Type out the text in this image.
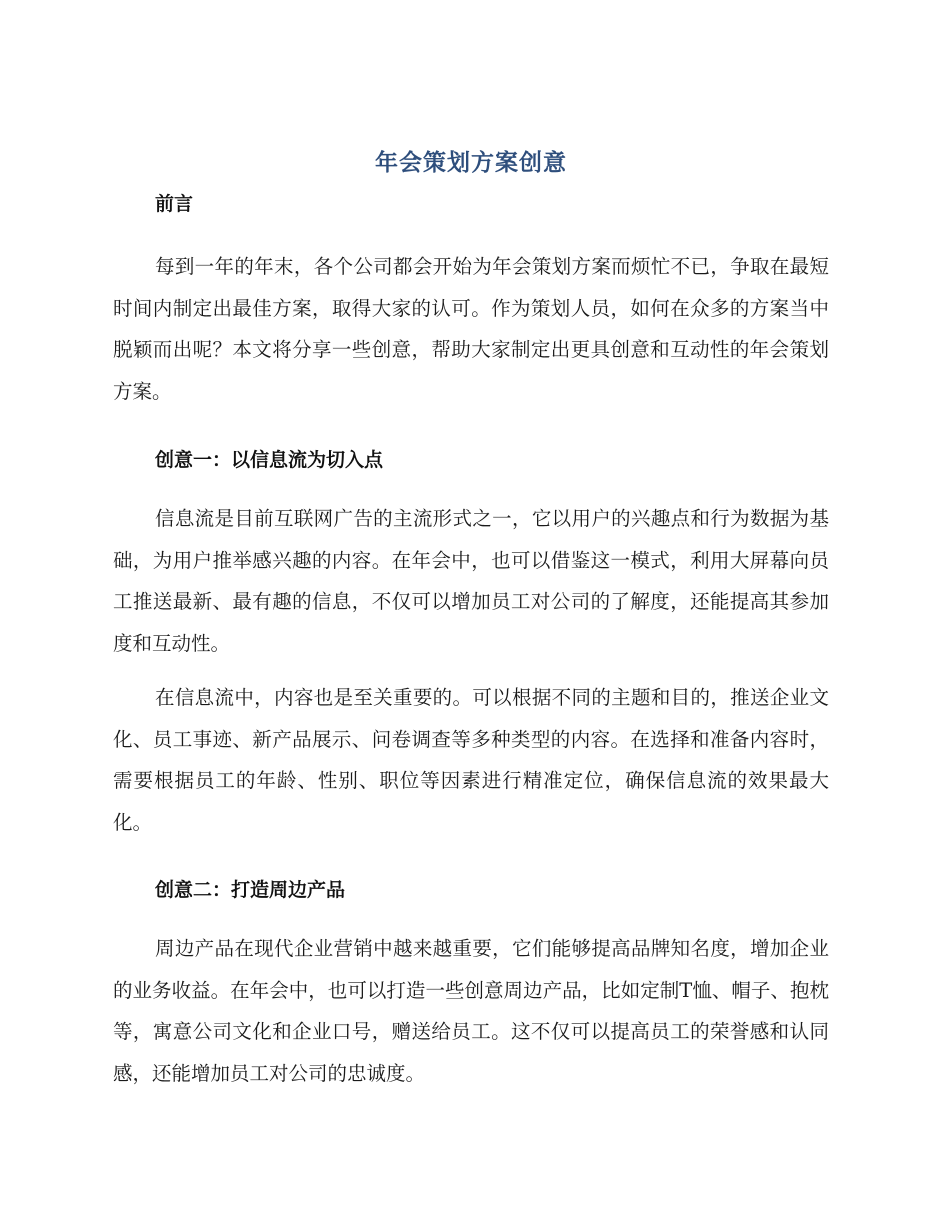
年会策划方案创意
前言

每到一年的年末，各个公司都会开始为年会策划方案而烦忙不已，争取在最短时间内制定出最佳方案，取得大家的认可。作为策划人员，如何在众多的方案当中脱颖而出呢？本文将分享一些创意，帮助大家制定出更具创意和互动性的年会策划方案。

创意一：以信息流为切入点

信息流是目前互联网广告的主流形式之一，它以用户的兴趣点和行为数据为基础，为用户推举感兴趣的内容。在年会中，也可以借鉴这一模式，利用大屏幕向员工推送最新、最有趣的信息，不仅可以增加员工对公司的了解度，还能提高其参加度和互动性。

在信息流中，内容也是至关重要的。可以根据不同的主题和目的，推送企业文化、员工事迹、新产品展示、问卷调查等多种类型的内容。在选择和准备内容时，需要根据员工的年龄、性别、职位等因素进行精准定位，确保信息流的效果最大化。

创意二：打造周边产品

周边产品在现代企业营销中越来越重要，它们能够提高品牌知名度，增加企业的业务收益。在年会中，也可以打造一些创意周边产品，比如定制T恤、帽子、抱枕等，寓意公司文化和企业口号，赠送给员工。这不仅可以提高员工的荣誉感和认同感，还能增加员工对公司的忠诚度。
